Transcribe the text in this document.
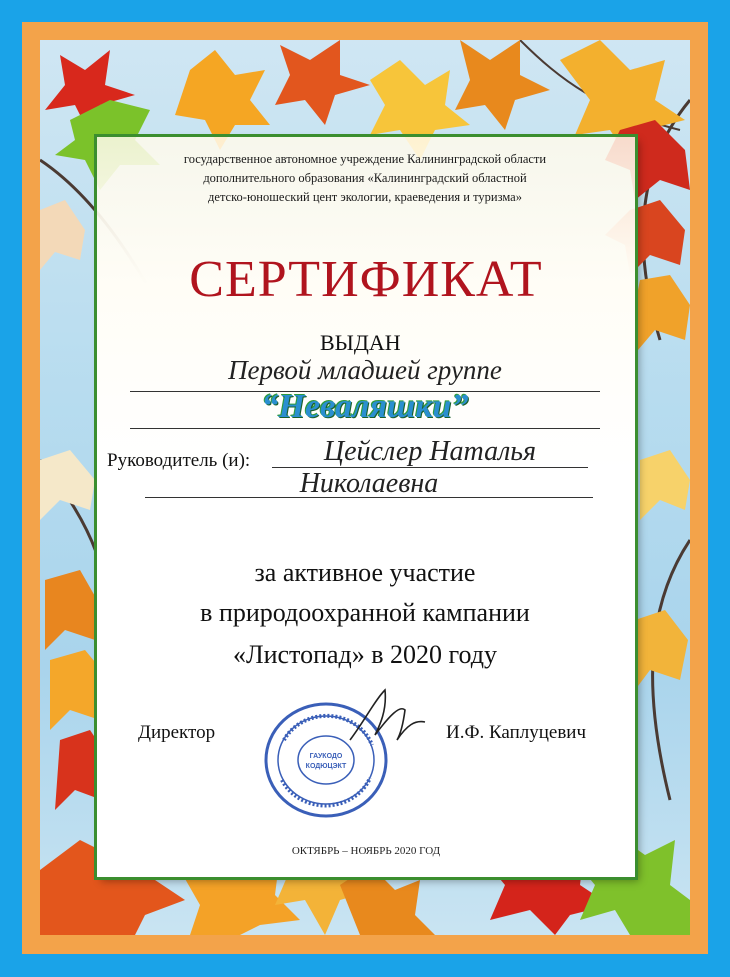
государственное автономное учреждение Калининградской области
дополнительного образования «Калининградский областной
детско-юношеский цент экологии, краеведения и туризма»
СЕРТИФИКАТ
ВЫДАН
Первой младшей группе
“Неваляшки”
Руководитель (и):	Цейслер Наталья
Николаевна
за активное участие
в природоохранной кампании
«Листопад» в 2020 году
Директор
ГАУКОДО
КОДЮЦЭКТ
И.Ф. Каплуцевич
ОКТЯБРЬ – НОЯБРЬ 2020 ГОД
